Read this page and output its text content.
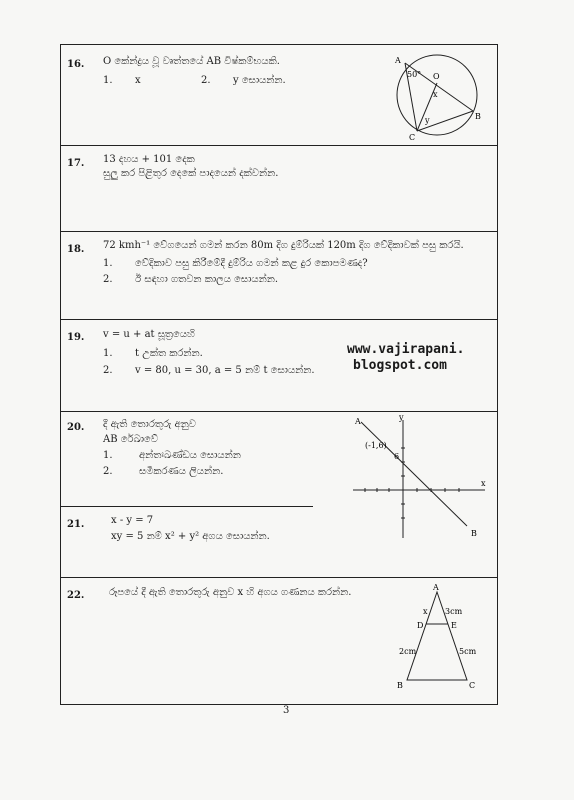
16. O කේන්ද්‍රය වූ වෘත්තයේ AB විෂ්කම්භයකි.
1. x	2. y සොයන්න.
A
50° O
x
y
C
B
17. 13 දහය + 101 දෙක
සුලු කර පිළිතුර දෙකේ පාදයෙන් දක්වන්න.
18. 72 kmh⁻¹ වේගයෙන් ගමන් කරන 80m දිග දුම්රියක් 120m දිග වේදිකාවක් පසු කරයි.
1. වේදිකාව පසු කිරීමේදී දුම්රිය ගමන් කළ දුර කොපමණද?
2. ඊ සඳහා ගතවන කාලය සොයන්න.
19. v = u + at සූත්‍රයෙහි
1. t උක්ත කරන්න.
2. v = 80, u = 30, a = 5 නම් t සොයන්න.
www.vajirapani.
blogspot.com
20. දී ඇති තොරතුරු අනුව
AB රේඛාවේ
1.	අන්තඃඛණ්ඩය සොයන්න
2.	සමීකරණය ලියන්න.
A	y
(-1,6)
6
B
x
21.	x - y = 7
xy = 5 නම් x² + y² අගය සොයන්න.
22. රූපයේ දී ඇති තොරතුරු අනුව x හි අගය ගණනය කරන්න.	A
x 3cm
D	E
2cm	5cm
B	C
3
